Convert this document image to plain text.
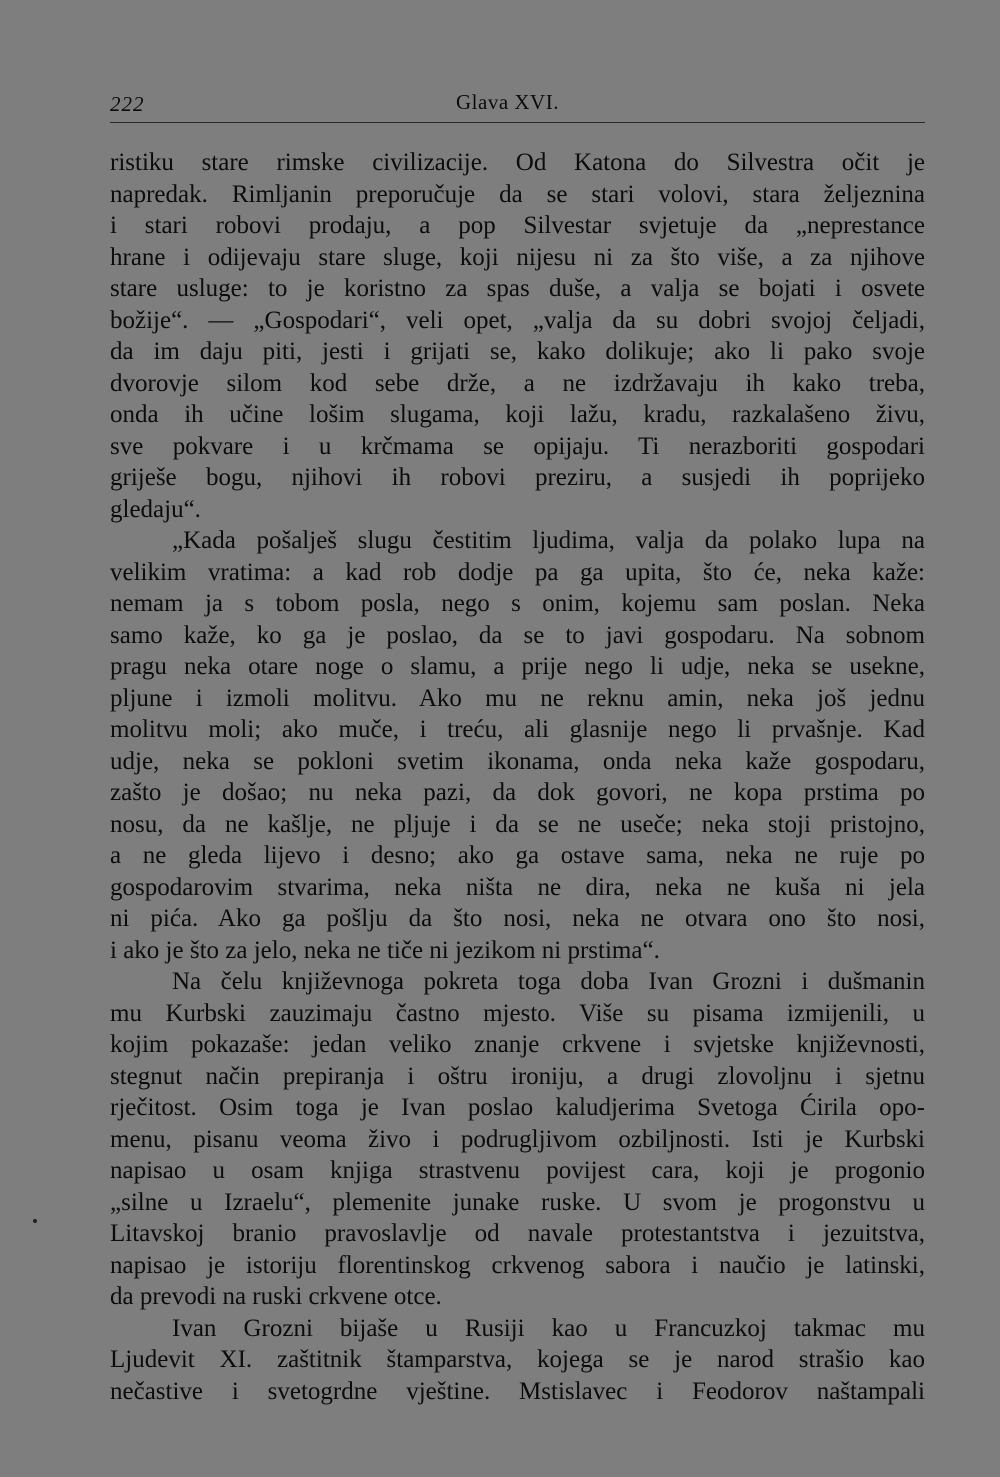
222	Glava XVI.
ristiku stare rimske civilizacije. Od Katona do Silvestra očit je
napredak. Rimljanin preporučuje da se stari volovi, stara željeznina
i stari robovi prodaju, a pop Silvestar svjetuje da „neprestance
hrane i odijevaju stare sluge, koji nijesu ni za što više, a za njihove
stare usluge: to je koristno za spas duše, a valja se bojati i osvete
božije“. — „Gospodari“, veli opet, „valja da su dobri svojoj čeljadi,
da im daju piti, jesti i grijati se, kako dolikuje; ako li pako svoje
dvorovje silom kod sebe drže, a ne izdržavaju ih kako treba,
onda ih učine lošim slugama, koji lažu, kradu, razkalašeno živu,
sve pokvare i u krčmama se opijaju. Ti nerazboriti gospodari
griješe bogu, njihovi ih robovi preziru, a susjedi ih poprijeko
gledaju“.
„Kada pošalješ slugu čestitim ljudima, valja da polako lupa na
velikim vratima: a kad rob dodje pa ga upita, što će, neka kaže:
nemam ja s tobom posla, nego s onim, kojemu sam poslan. Neka
samo kaže, ko ga je poslao, da se to javi gospodaru. Na sobnom
pragu neka otare noge o slamu, a prije nego li udje, neka se usekne,
pljune i izmoli molitvu. Ako mu ne reknu amin, neka još jednu
molitvu moli; ako muče, i treću, ali glasnije nego li prvašnje. Kad
udje, neka se pokloni svetim ikonama, onda neka kaže gospodaru,
zašto je došao; nu neka pazi, da dok govori, ne kopa prstima po
nosu, da ne kašlje, ne pljuje i da se ne useče; neka stoji pristojno,
a ne gleda lijevo i desno; ako ga ostave sama, neka ne ruje po
gospodarovim stvarima, neka ništa ne dira, neka ne kuša ni jela
ni pića. Ako ga pošlju da što nosi, neka ne otvara ono što nosi,
i ako je što za jelo, neka ne tiče ni jezikom ni prstima“.
Na čelu književnoga pokreta toga doba Ivan Grozni i dušmanin
mu Kurbski zauzimaju častno mjesto. Više su pisama izmijenili, u
kojim pokazaše: jedan veliko znanje crkvene i svjetske književnosti,
stegnut način prepiranja i oštru ironiju, a drugi zlovoljnu i sjetnu
rječitost. Osim toga je Ivan poslao kaludjerima Svetoga Ćirila opo-
menu, pisanu veoma živo i podrugljivom ozbiljnosti. Isti je Kurbski
napisao u osam knjiga strastvenu povijest cara, koji je progonio
„silne u Izraelu“, plemenite junake ruske. U svom je progonstvu u
Litavskoj branio pravoslavlje od navale protestantstva i jezuitstva,
napisao je istoriju florentinskog crkvenog sabora i naučio je latinski,
da prevodi na ruski crkvene otce.
Ivan Grozni bijaše u Rusiji kao u Francuzkoj takmac mu
Ljudevit XI. zaštitnik štamparstva, kojega se je narod strašio kao
nečastive i svetogrdne vještine. Mstislavec i Feodorov naštampali
